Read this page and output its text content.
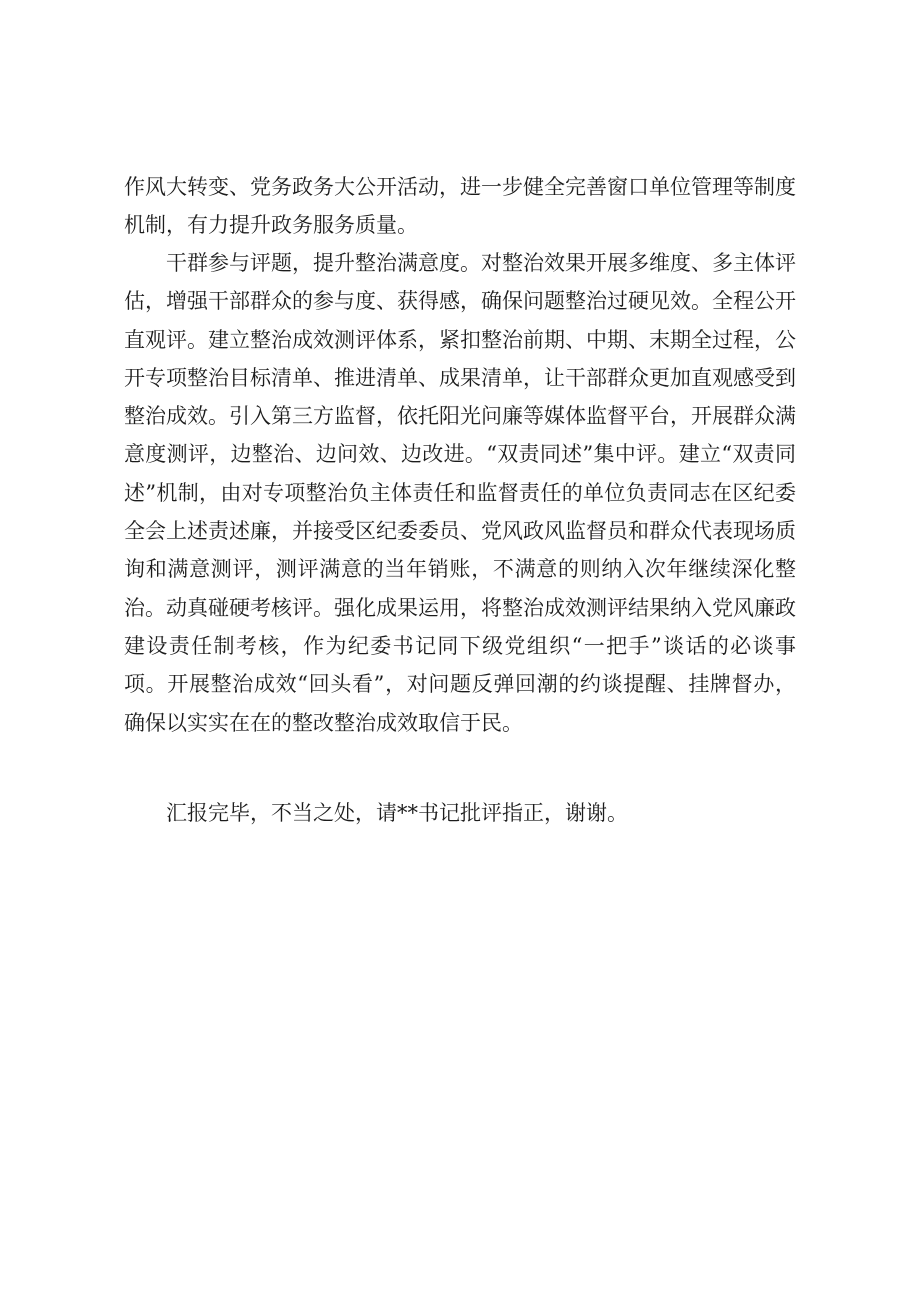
作风大转变、党务政务大公开活动，进一步健全完善窗口单位管理等制度机制，有力提升政务服务质量。

干群参与评题，提升整治满意度。对整治效果开展多维度、多主体评估，增强干部群众的参与度、获得感，确保问题整治过硬见效。全程公开直观评。建立整治成效测评体系，紧扣整治前期、中期、末期全过程，公开专项整治目标清单、推进清单、成果清单，让干部群众更加直观感受到整治成效。引入第三方监督，依托阳光问廉等媒体监督平台，开展群众满意度测评，边整治、边问效、边改进。“双责同述”集中评。建立“双责同述”机制，由对专项整治负主体责任和监督责任的单位负责同志在区纪委全会上述责述廉，并接受区纪委委员、党风政风监督员和群众代表现场质询和满意测评，测评满意的当年销账，不满意的则纳入次年继续深化整治。动真碰硬考核评。强化成果运用，将整治成效测评结果纳入党风廉政建设责任制考核，作为纪委书记同下级党组织“一把手”谈话的必谈事项。开展整治成效“回头看”，对问题反弹回潮的约谈提醒、挂牌督办，确保以实实在在的整改整治成效取信于民。

汇报完毕，不当之处，请**书记批评指正，谢谢。
